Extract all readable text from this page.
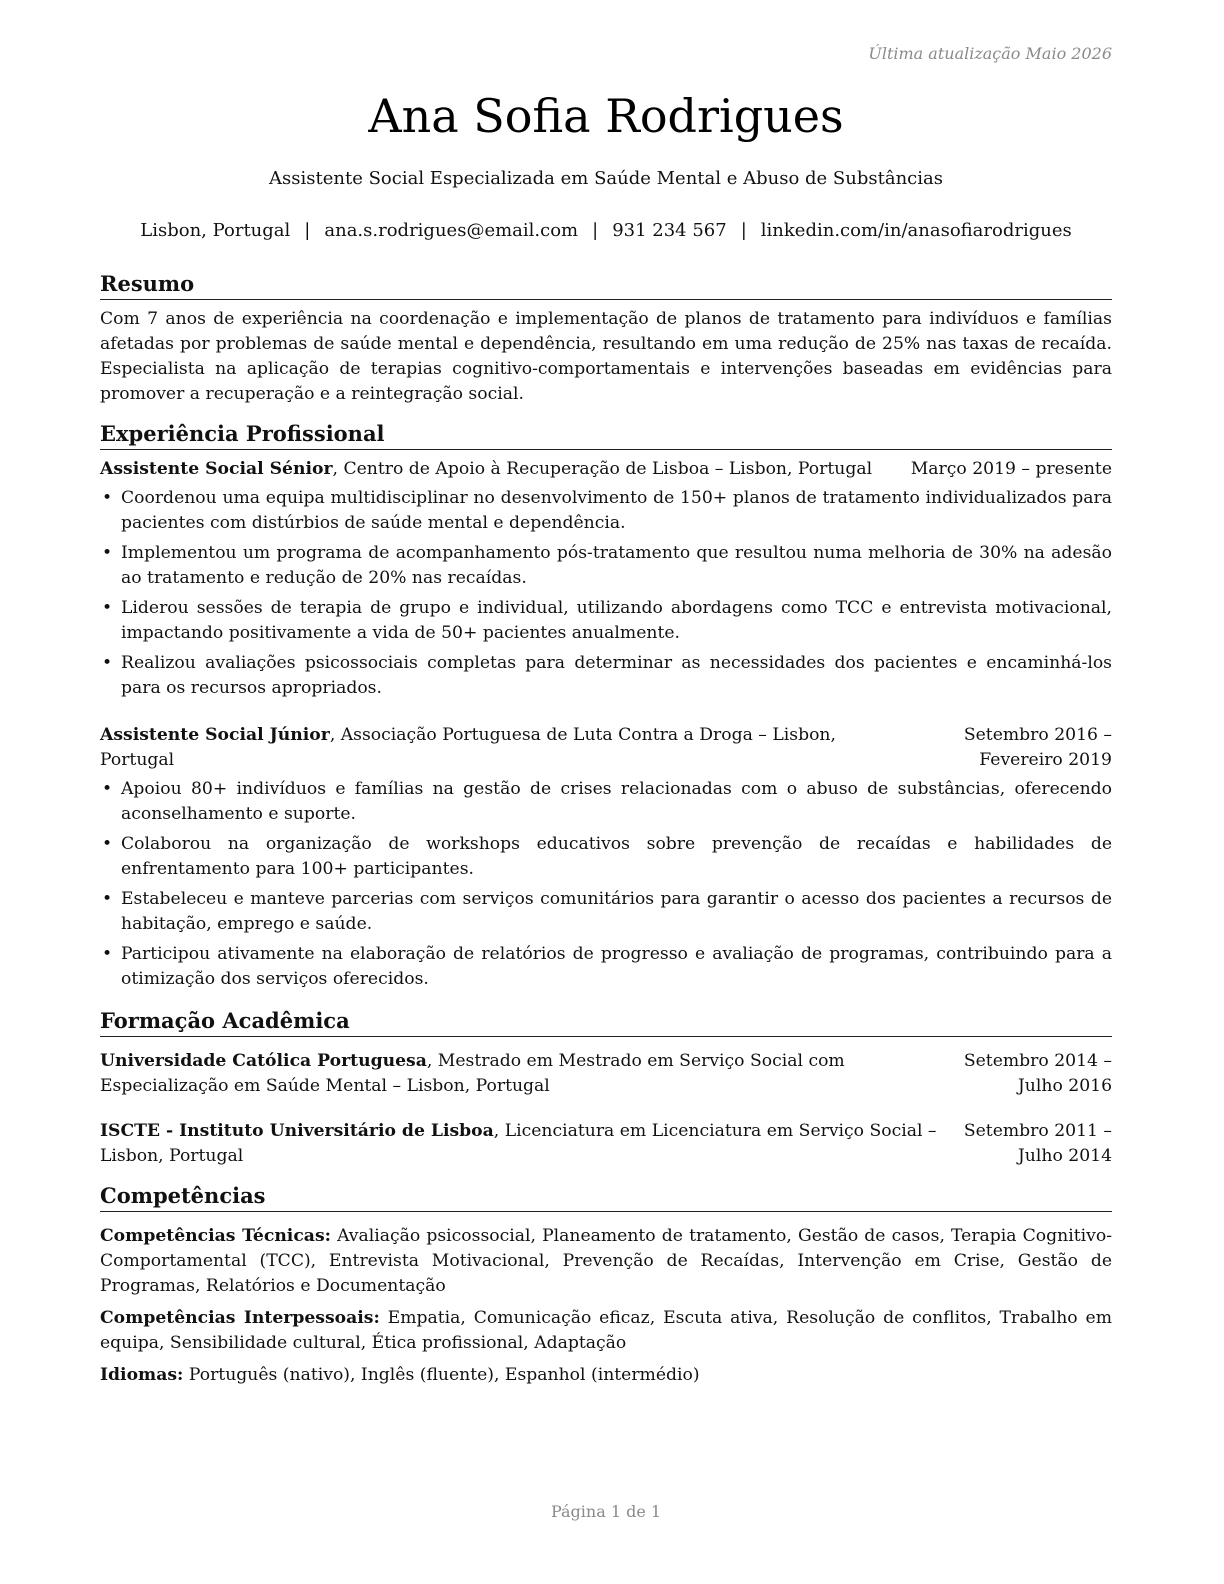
Última atualização Maio 2026
Ana Sofia Rodrigues
Assistente Social Especializada em Saúde Mental e Abuso de Substâncias
Lisbon, Portugal | ana.s.rodrigues@email.com | 931 234 567 | linkedin.com/in/anasofiarodrigues
Resumo

Com 7 anos de experiência na coordenação e implementação de planos de tratamento para indivíduos e famílias afetadas por problemas de saúde mental e dependência, resultando em uma redução de 25% nas taxas de recaída. Especialista na aplicação de terapias cognitivo-comportamentais e intervenções baseadas em evidências para promover a recuperação e a reintegração social.

Experiência Profissional
Assistente Social Sénior, Centro de Apoio à Recuperação de Lisboa – Lisbon, Portugal	Março 2019 – presente
• Coordenou uma equipa multidisciplinar no desenvolvimento de 150+ planos de tratamento individualizados para pacientes com distúrbios de saúde mental e dependência.
• Implementou um programa de acompanhamento pós-tratamento que resultou numa melhoria de 30% na adesão ao tratamento e redução de 20% nas recaídas.
• Liderou sessões de terapia de grupo e individual, utilizando abordagens como TCC e entrevista motivacional, impactando positivamente a vida de 50+ pacientes anualmente.
• Realizou avaliações psicossociais completas para determinar as necessidades dos pacientes e encaminhá-los para os recursos apropriados.
Assistente Social Júnior, Associação Portuguesa de Luta Contra a Droga – Lisbon, Portugal
Setembro 2016 – Fevereiro 2019
• Apoiou 80+ indivíduos e famílias na gestão de crises relacionadas com o abuso de substâncias, oferecendo aconselhamento e suporte.
• Colaborou na organização de workshops educativos sobre prevenção de recaídas e habilidades de enfrentamento para 100+ participantes.
• Estabeleceu e manteve parcerias com serviços comunitários para garantir o acesso dos pacientes a recursos de habitação, emprego e saúde.
• Participou ativamente na elaboração de relatórios de progresso e avaliação de programas, contribuindo para a otimização dos serviços oferecidos.
Formação Acadêmica
Universidade Católica Portuguesa, Mestrado em Mestrado em Serviço Social com Especialização em Saúde Mental – Lisbon, Portugal
Setembro 2014 – Julho 2016
ISCTE - Instituto Universitário de Lisboa, Licenciatura em Licenciatura em Serviço Social – Lisbon, Portugal
Setembro 2011 – Julho 2014
Competências

Competências Técnicas: Avaliação psicossocial, Planeamento de tratamento, Gestão de casos, Terapia Cognitivo-Comportamental (TCC), Entrevista Motivacional, Prevenção de Recaídas, Intervenção em Crise, Gestão de Programas, Relatórios e Documentação

Competências Interpessoais: Empatia, Comunicação eficaz, Escuta ativa, Resolução de conflitos, Trabalho em equipa, Sensibilidade cultural, Ética profissional, Adaptação

Idiomas: Português (nativo), Inglês (fluente), Espanhol (intermédio)

Página 1 de 1
